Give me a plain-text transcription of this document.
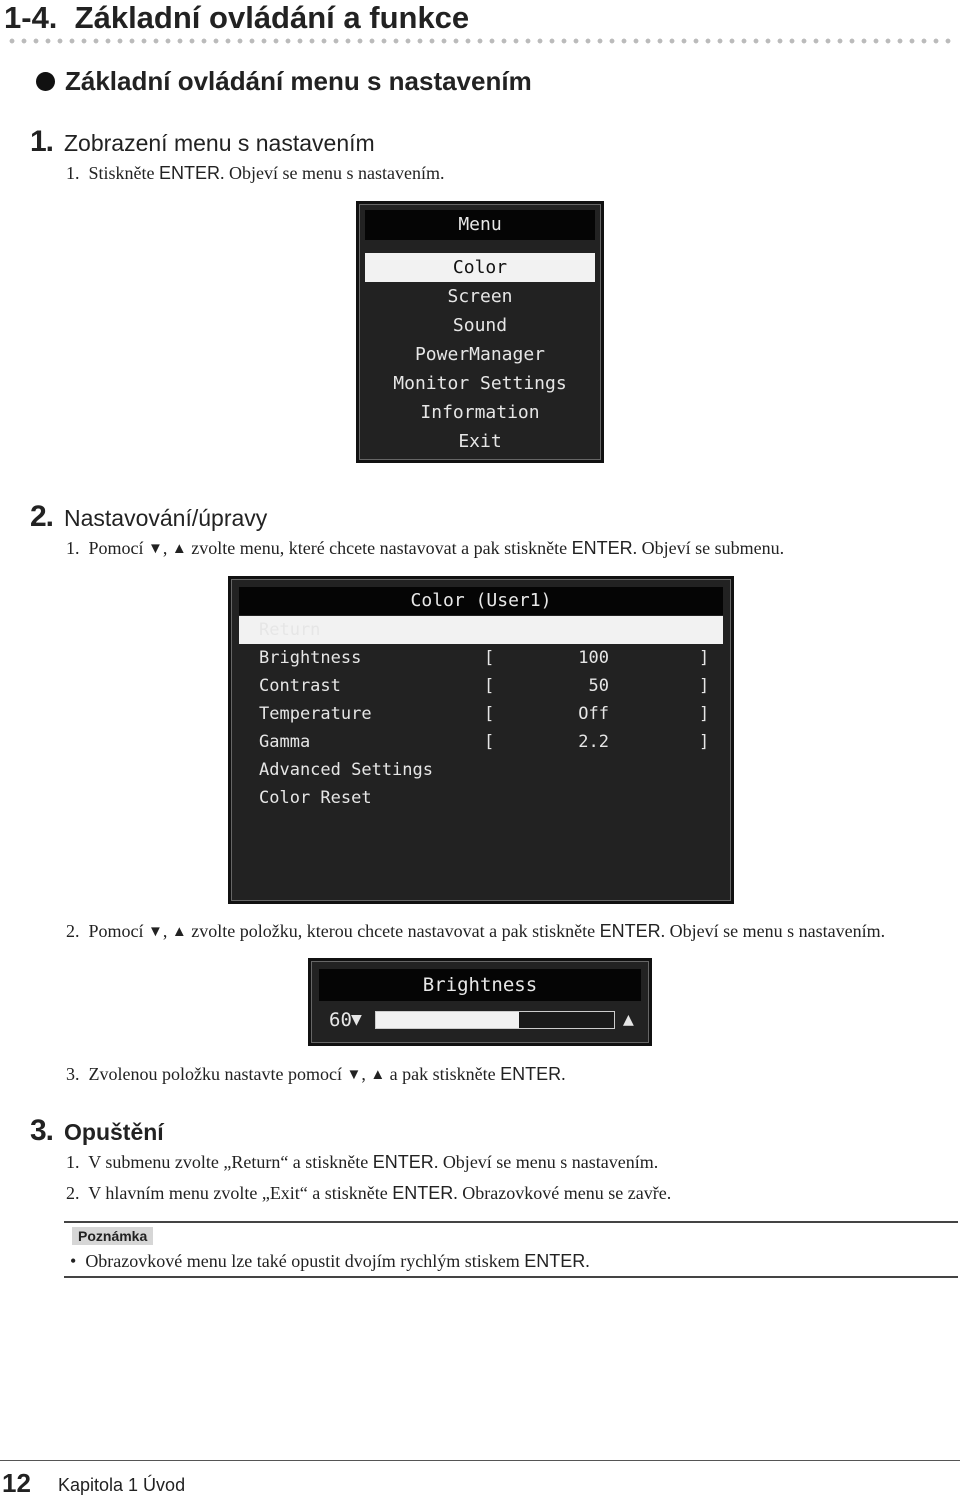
1-4. Základní ovládání a funkce
Základní ovládání menu s nastavením
1. Zobrazení menu s nastavením
1. Stiskněte ENTER. Objeví se menu s nastavením.
Menu
Color
Screen
Sound
PowerManager
Monitor Settings
Information
Exit
2. Nastavování/úpravy
1. Pomocí ▼, ▲ zvolte menu, které chcete nastavovat a pak stiskněte ENTER. Objeví se submenu.
Color (User1)
Return
Brightness	[	100	]
Contrast	[	50	]
Temperature	[	Off	]
Gamma	[	2.2	]
Advanced Settings
Color Reset
2. Pomocí ▼, ▲ zvolte položku, kterou chcete nastavovat a pak stiskněte ENTER. Objeví se menu s nastavením.
Brightness
60 ▼	▲
3. Zvolenou položku nastavte pomocí ▼, ▲ a pak stiskněte ENTER.
3. Opuštění
1. V submenu zvolte „Return“ a stiskněte ENTER. Objeví se menu s nastavením.
2. V hlavním menu zvolte „Exit“ a stiskněte ENTER. Obrazovkové menu se zavře.
Poznámka
• Obrazovkové menu lze také opustit dvojím rychlým stiskem ENTER.
12 Kapitola 1 Úvod
